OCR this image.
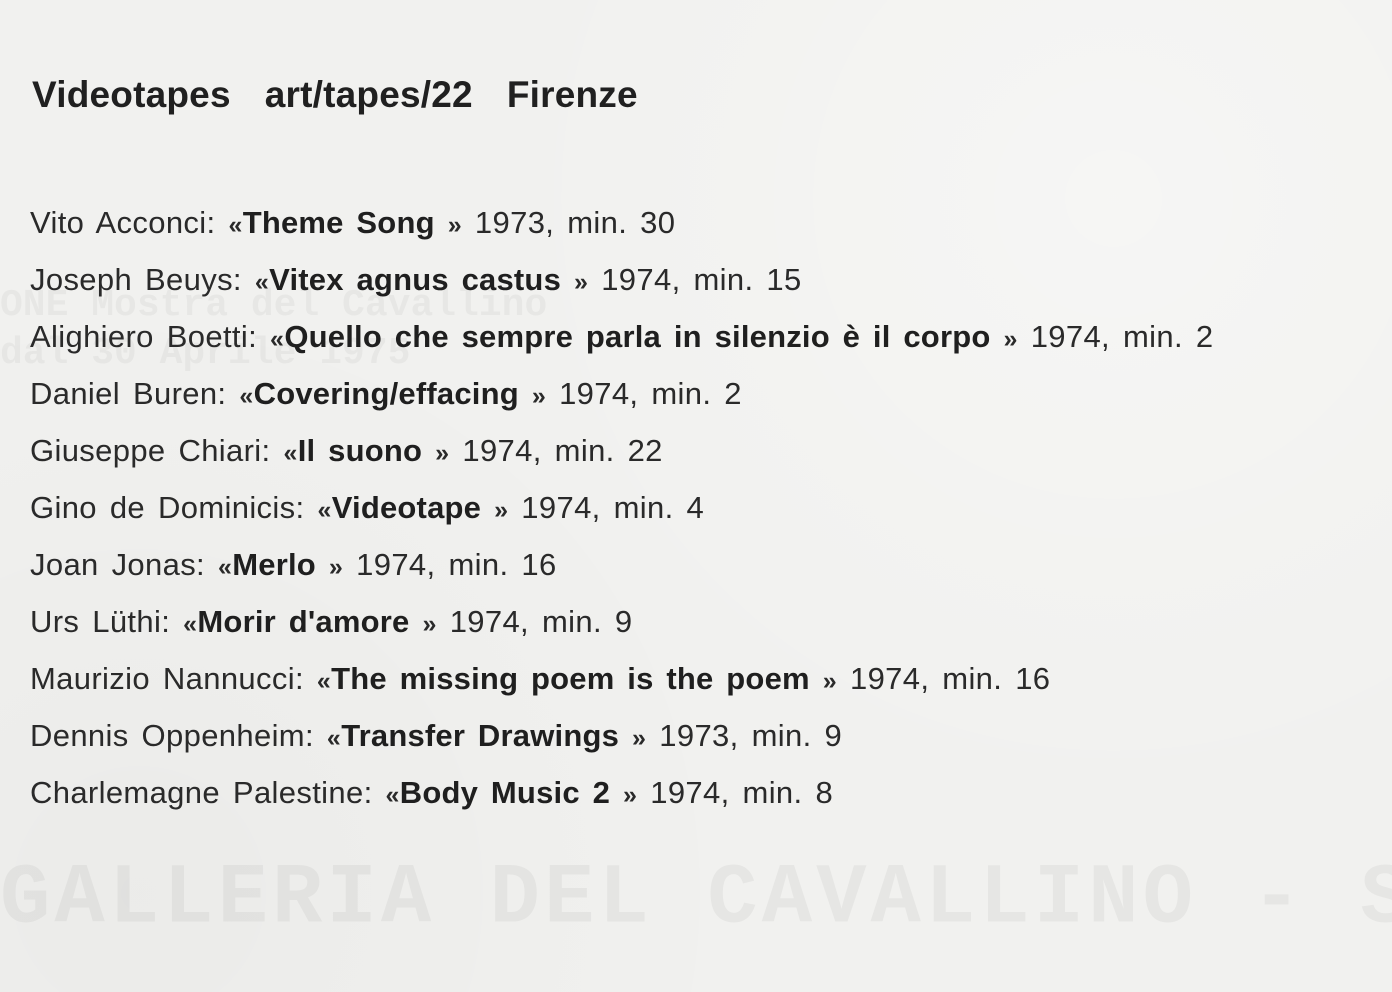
Videotapes art/tapes/22 Firenze
Vito Acconci: «Theme Song » 1973, min. 30
Joseph Beuys: «Vitex agnus castus » 1974, min. 15
Alighiero Boetti: «Quello che sempre parla in silenzio è il corpo » 1974, min. 2
Daniel Buren: «Covering/effacing » 1974, min. 2
Giuseppe Chiari: «Il suono » 1974, min. 22
Gino de Dominicis: «Videotape » 1974, min. 4
Joan Jonas: «Merlo » 1974, min. 16
Urs Lüthi: «Morir d'amore » 1974, min. 9
Maurizio Nannucci: «The missing poem is the poem » 1974, min. 16
Dennis Oppenheim: «Transfer Drawings » 1973, min. 9
Charlemagne Palestine: «Body Music 2 » 1974, min. 8
